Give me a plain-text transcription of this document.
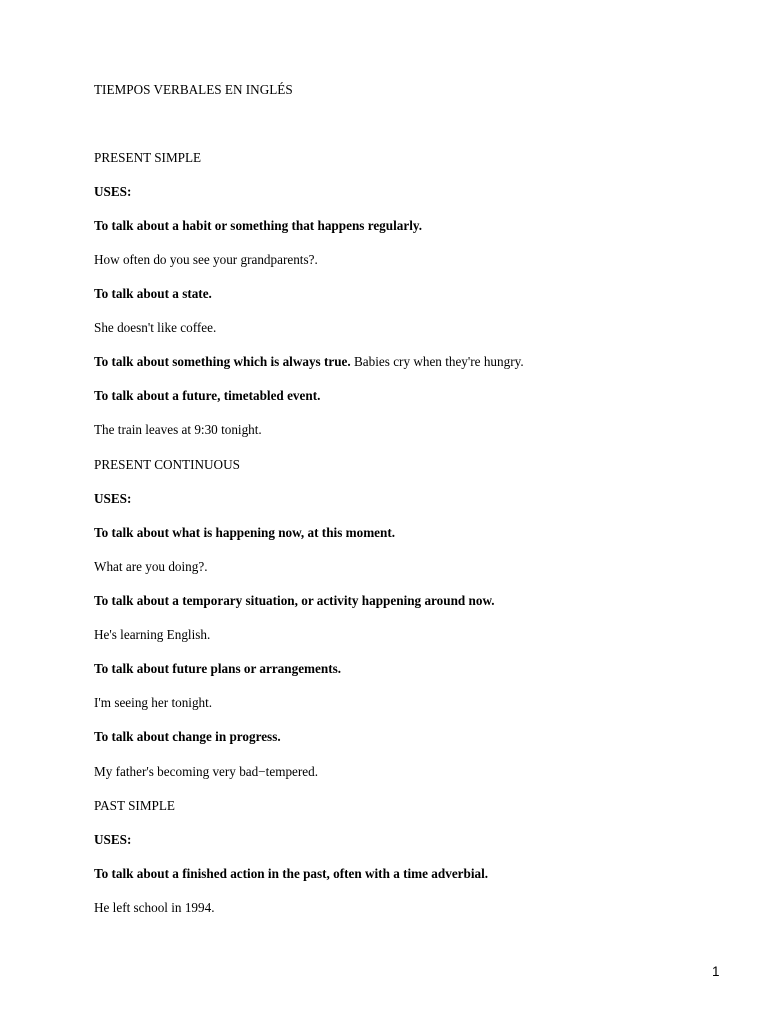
TIEMPOS VERBALES EN INGLÉS
PRESENT SIMPLE
USES:
To talk about a habit or something that happens regularly.
How often do you see your grandparents?.
To talk about a state.
She doesn't like coffee.
To talk about something which is always true. Babies cry when they're hungry.
To talk about a future, timetabled event.
The train leaves at 9:30 tonight.
PRESENT CONTINUOUS
USES:
To talk about what is happening now, at this moment.
What are you doing?.
To talk about a temporary situation, or activity happening around now.
He's learning English.
To talk about future plans or arrangements.
I'm seeing her tonight.
To talk about change in progress.
My father's becoming very bad−tempered.
PAST SIMPLE
USES:
To talk about a finished action in the past, often with a time adverbial.
He left school in 1994.
1
